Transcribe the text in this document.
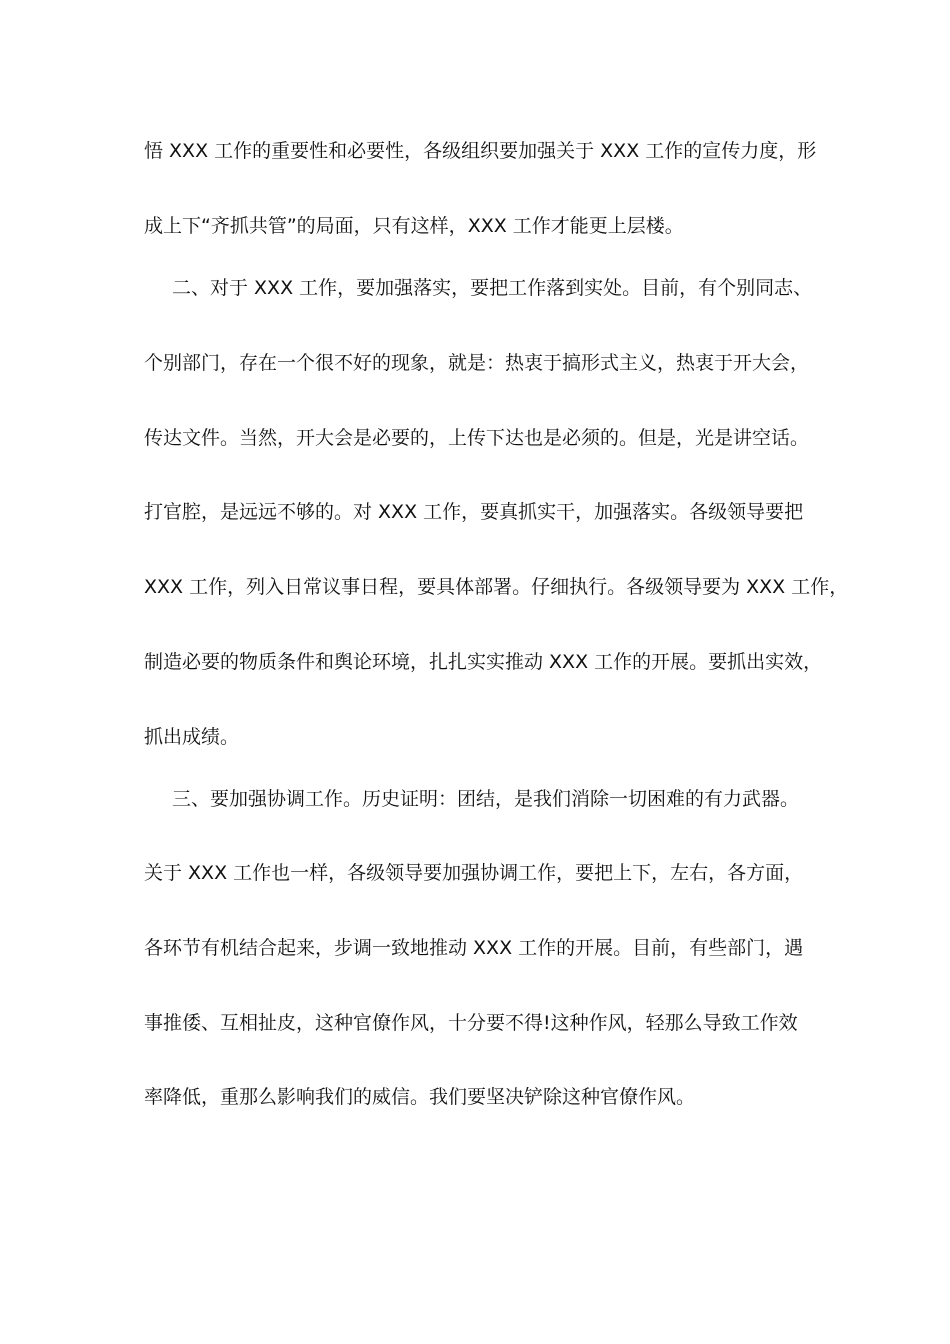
悟 XXX 工作的重要性和必要性，各级组织要加强关于 XXX 工作的宣传力度，形
成上下“齐抓共管”的局面，只有这样，XXX 工作才能更上层楼。
二、对于 XXX 工作，要加强落实，要把工作落到实处。目前，有个别同志、
个别部门，存在一个很不好的现象，就是：热衷于搞形式主义，热衷于开大会，
传达文件。当然，开大会是必要的，上传下达也是必须的。但是，光是讲空话。
打官腔，是远远不够的。对 XXX 工作，要真抓实干，加强落实。各级领导要把
XXX 工作，列入日常议事日程，要具体部署。仔细执行。各级领导要为 XXX 工作，
制造必要的物质条件和舆论环境，扎扎实实推动 XXX 工作的开展。要抓出实效，
抓出成绩。
三、要加强协调工作。历史证明：团结，是我们消除一切困难的有力武器。
关于 XXX 工作也一样，各级领导要加强协调工作，要把上下，左右，各方面，
各环节有机结合起来，步调一致地推动 XXX 工作的开展。目前，有些部门，遇
事推倭、互相扯皮，这种官僚作风，十分要不得!这种作风，轻那么导致工作效
率降低，重那么影响我们的威信。我们要坚决铲除这种官僚作风。
